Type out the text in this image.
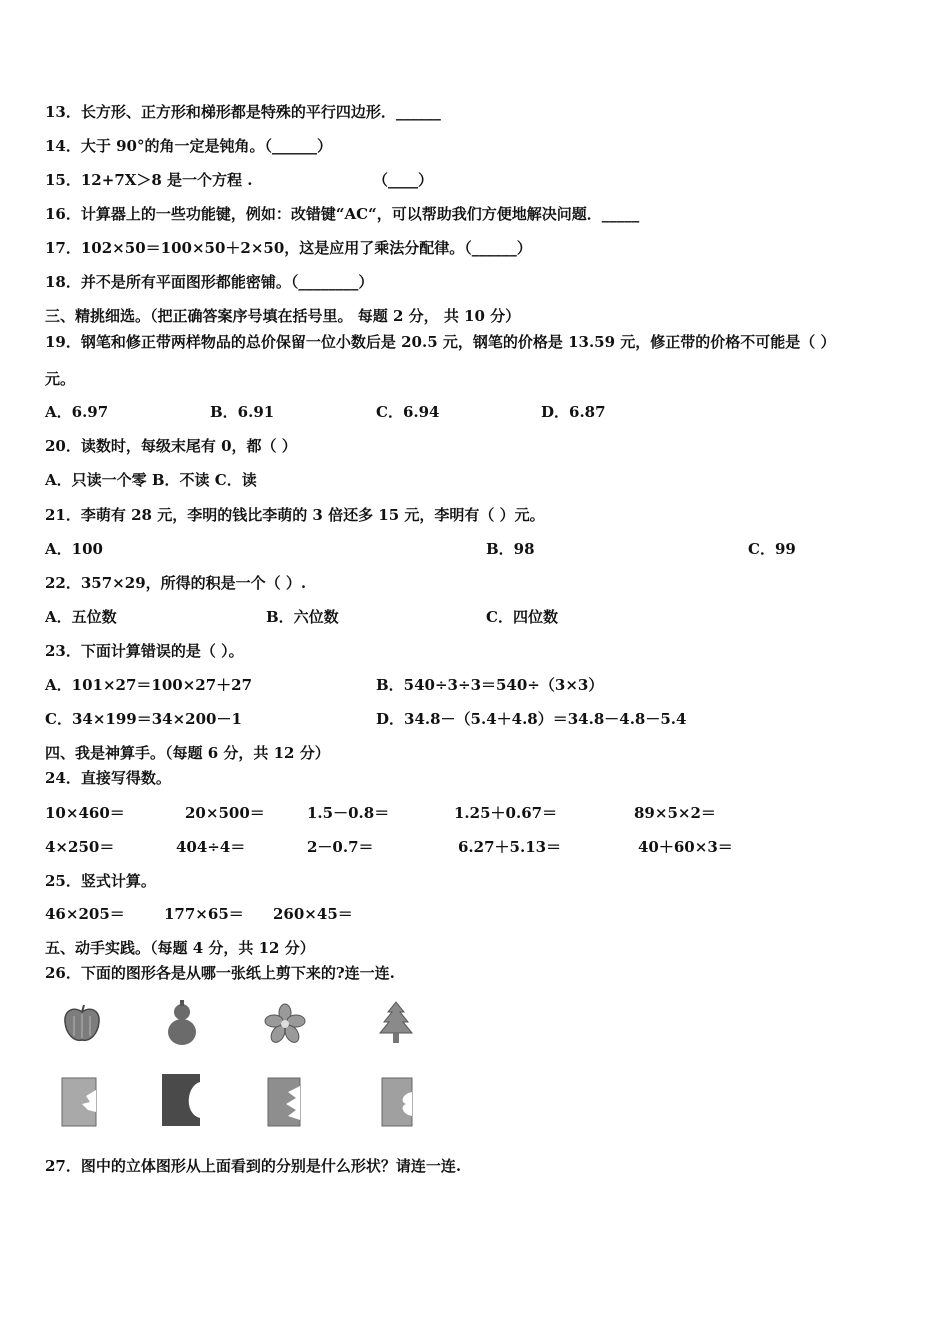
13．长方形、正方形和梯形都是特殊的平行四边形．______
14．大于 90°的角一定是钝角。（______）
15．12+7X＞8 是一个方程 .	（____）
16．计算器上的一些功能键，例如：改错键“AC“，可以帮助我们方便地解决问题．_____
17．102×50＝100×50＋2×50，这是应用了乘法分配律。（______）
18．并不是所有平面图形都能密铺。（________）
三、精挑细选。（把正确答案序号填在括号里。 每题 2 分， 共 10 分）
19．钢笔和修正带两样物品的总价保留一位小数后是 20.5 元，钢笔的价格是 13.59 元，修正带的价格不可能是（ ）
元。
A．6.97	B．6.91	C．6.94	D．6.87
20．读数时，每级末尾有 0，都（ ）
A．只读一个零 B．不读 C．读
21．李萌有 28 元，李明的钱比李萌的 3 倍还多 15 元，李明有（ ）元。
A．100	B．98	C．99
22．357×29，所得的积是一个（ ）.
A．五位数	B．六位数	C．四位数
23．下面计算错误的是（ ）。
A．101×27＝100×27＋27	B．540÷3÷3＝540÷（3×3）
C．34×199＝34×200－1	D．34.8－（5.4＋4.8）＝34.8－4.8－5.4
四、我是神算手。（每题 6 分，共 12 分）
24．直接写得数。
10×460＝	20×500＝	1.5－0.8＝	1.25＋0.67＝	89×5×2＝
4×250＝	404÷4＝	2－0.7＝	6.27＋5.13＝	40＋60×3＝
25．竖式计算。
46×205＝	177×65＝ 260×45＝
五、动手实践。（每题 4 分，共 12 分）
26．下面的图形各是从哪一张纸上剪下来的?连一连.
27．图中的立体图形从上面看到的分别是什么形状？请连一连.
